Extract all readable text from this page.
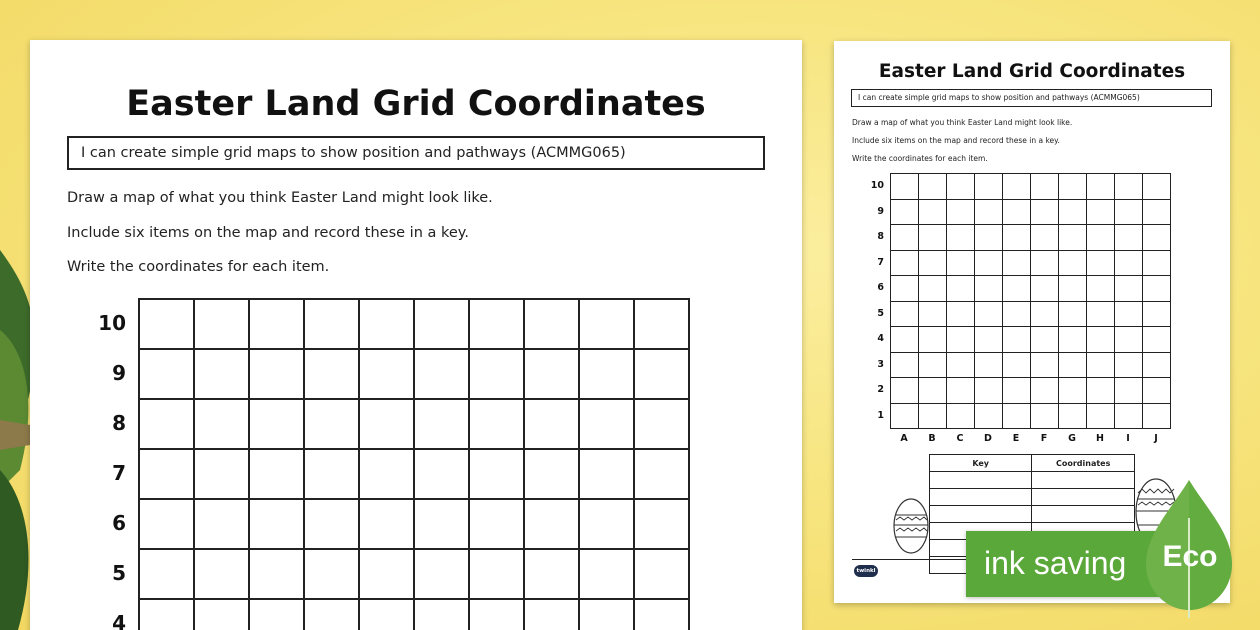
Easter Land Grid Coordinates
I can create simple grid maps to show position and pathways (ACMMG065)
Draw a map of what you think Easter Land might look like.
Include six items on the map and record these in a key.
Write the coordinates for each item.
10
9
8
7
6
5
4
Easter Land Grid Coordinates
I can create simple grid maps to show position and pathways (ACMMG065)
Draw a map of what you think Easter Land might look like.
Include six items on the map and record these in a key.
Write the coordinates for each item.
10
9
8
7
6
5
4
3
2
1
A	B	C	D	E	F	G	H	I	J
Key	Coordinates

twinkl	ink saving	Eco
